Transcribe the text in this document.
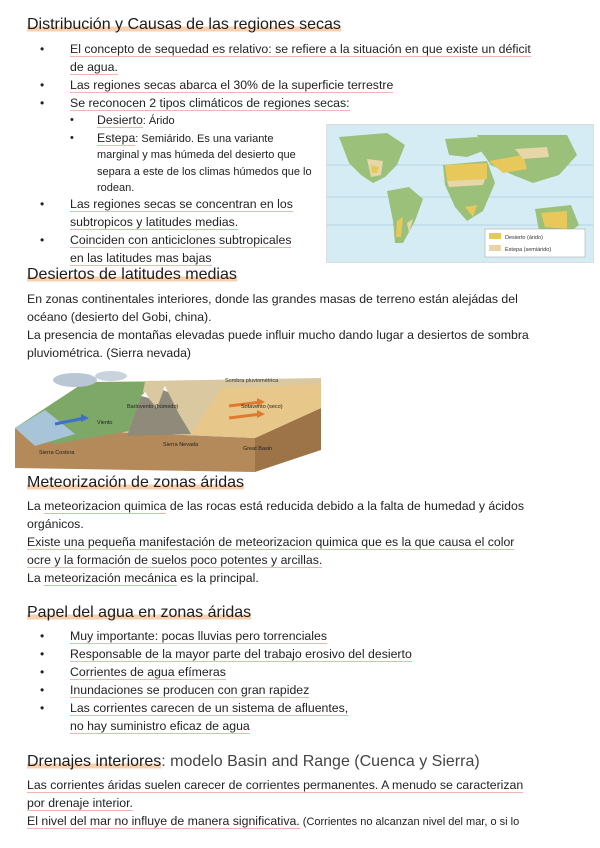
Distribución y Causas de las regiones secas
• El concepto de sequedad es relativo: se refiere a la situación en que existe un déficit
de agua.
• Las regiones secas abarca el 30% de la superficie terrestre
• Se reconocen 2 tipos climáticos de regiones secas:
• Desierto: Árido
• Estepa: Semiárido. Es una variante marginal y mas húmeda del desierto que separa a este de los climas húmedos que lo rodean.
• Las regiones secas se concentran en los
subtropicos y latitudes medias.
• Coinciden con anticiclones subtropicales
en las latitudes mas bajas
Desierto (árido)
Estepa (semiárido)
Desiertos de latitudes medias

En zonas continentales interiores, donde las grandes masas de terreno están alejádas del
océano (desierto del Gobi, china).
La presencia de montañas elevadas puede influir mucho dando lugar a desiertos de sombra
pluviométrica. (Sierra nevada)

Sombra pluviométrica
Barlovento (húmedo)	Sotavento (seco)
Viento
Sierra Nevada
Sierra Costera
Great Basin
Meteorización de zonas áridas

La meteorizacion quimica de las rocas está reducida debido a la falta de humedad y ácidos
orgánicos.
Existe una pequeña manifestación de meteorizacion quimica que es la que causa el color
ocre y la formación de suelos poco potentes y arcillas.
La meteorización mecánica es la principal.

Papel del agua en zonas áridas
• Muy importante: pocas lluvias pero torrenciales
• Responsable de la mayor parte del trabajo erosivo del desierto
• Corrientes de agua efímeras
• Inundaciones se producen con gran rapidez
• Las corrientes carecen de un sistema de afluentes,
no hay suministro eficaz de agua
Drenajes interiores: modelo Basin and Range (Cuenca y Sierra)

Las corrientes áridas suelen carecer de corrientes permanentes. A menudo se caracterizan
por drenaje interior.
El nivel del mar no influye de manera significativa. (Corrientes no alcanzan nivel del mar, o si lo
